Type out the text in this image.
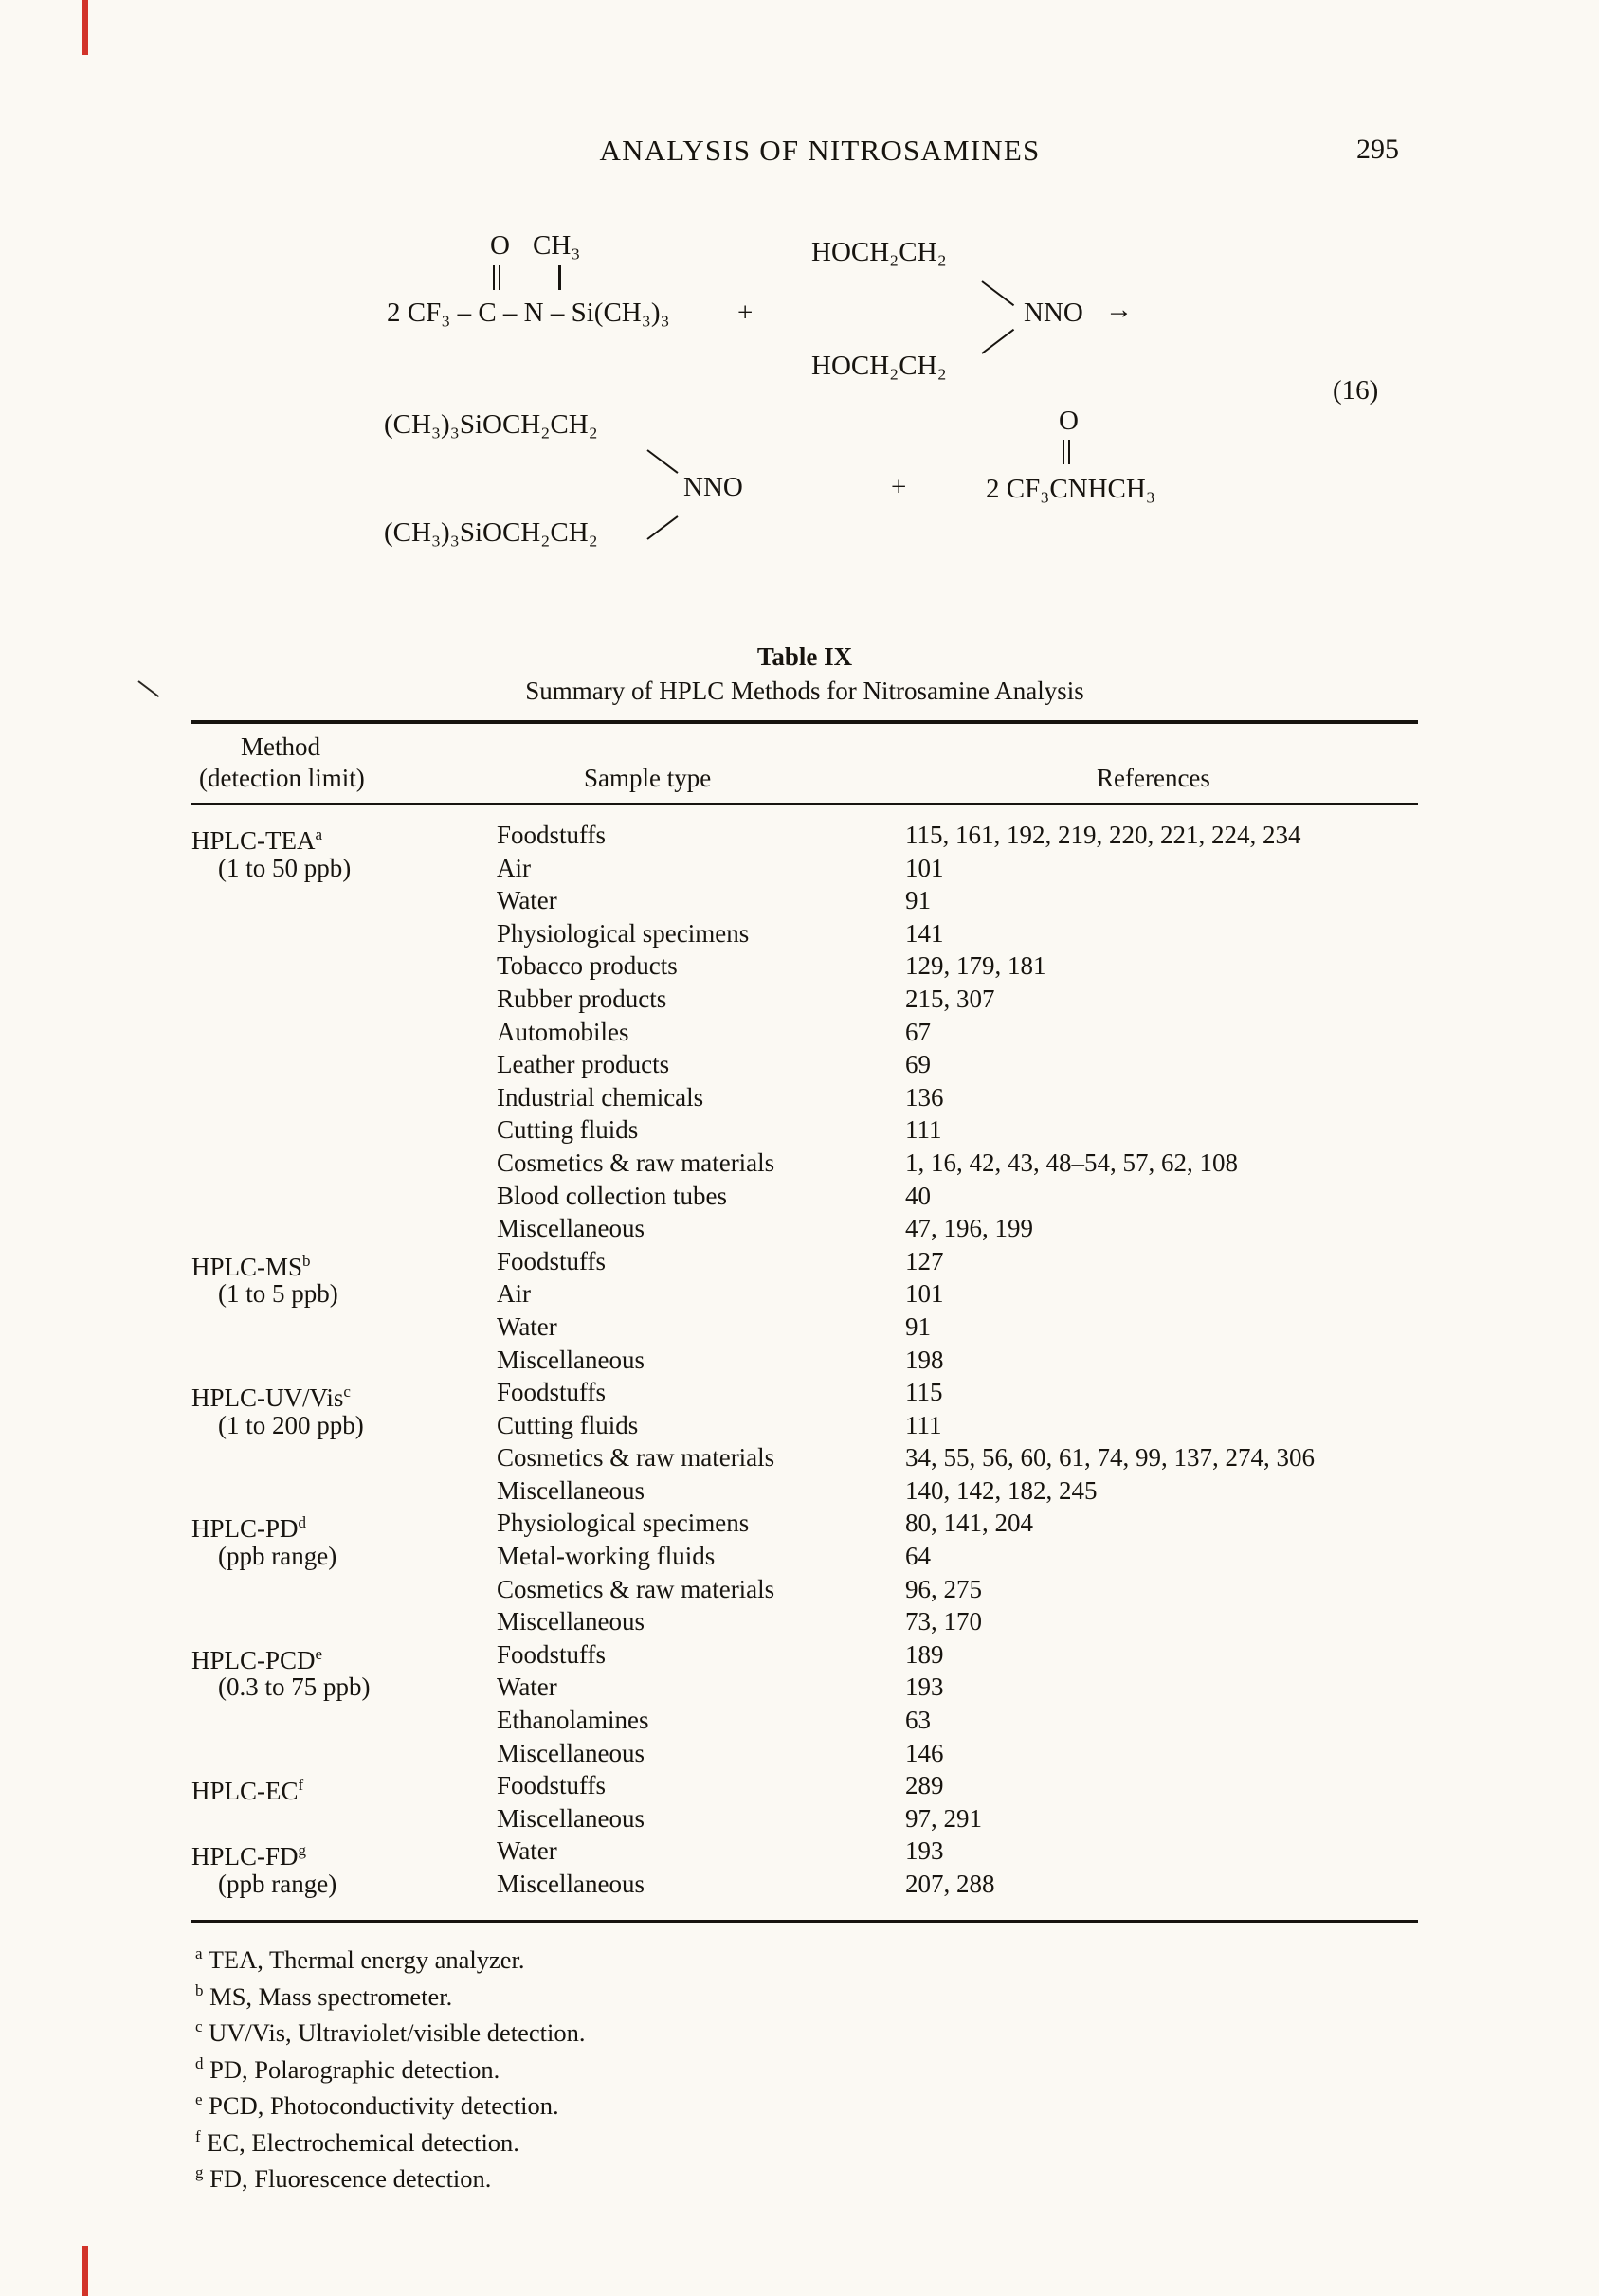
ANALYSIS OF NITROSAMINES	295
O CH₃
2 CF₃ – C – N – Si(CH₃)₃ +
HOCH₂CH₂
NNO →
HOCH₂CH₂
(16)
(CH₃)₃SiOCH₂CH₂
NNO
(CH₃)₃SiOCH₂CH₂
+
O
2 CF₃CNHCH₃
Table IX
Summary of HPLC Methods for Nitrosamine Analysis
Method
(detection limit)	Sample type	References
HPLC-TEA$^a$	Foodstuffs	115, 161, 192, 219, 220, 221, 224, 234
(1 to 50 ppb)	Air	101
Water	91
Physiological specimens	141
Tobacco products	129, 179, 181
Rubber products	215, 307
Automobiles	67
Leather products	69
Industrial chemicals	136
Cutting fluids	111
Cosmetics & raw materials	1, 16, 42, 43, 48–54, 57, 62, 108
Blood collection tubes	40
Miscellaneous	47, 196, 199
HPLC-$MS^b$	Foodstuffs	127
(1 to 5 ppb)	Air	101
Water	91
Miscellaneous	198
HPLC-UV/Vis$^c$	Foodstuffs	115
(1 to 200 ppb)	Cutting fluids	111
Cosmetics & raw materials	34, 55, 56, 60, 61, 74, 99, 137, 274, 306
Miscellaneous	140, 142, 182, 245
HPLC-$PD^d$	Physiological specimens	80, 141, 204
(ppb range)	Metal-working fluids	64
Cosmetics & raw materials	96, 275
Miscellaneous	73, 170
HPLC-PCD$^e$	Foodstuffs	189
(0.3 to 75 ppb)	Water	193
Ethanolamines	63
Miscellaneous	146
HPLC-$EC^f$	Foodstuffs	289
Miscellaneous	97, 291
HPLC-$FD^g$	Water	193
(ppb range)	Miscellaneous	207, 288
$^a$ TEA, Thermal energy analyzer.
$^b$ MS, Mass spectrometer.
$^c$ UV/Vis, Ultraviolet/visible detection.
$^d$ PD, Polarographic detection.
$^e$ PCD, Photoconductivity detection.
$^f$ EC, Electrochemical detection.
$^g$ FD, Fluorescence detection.
